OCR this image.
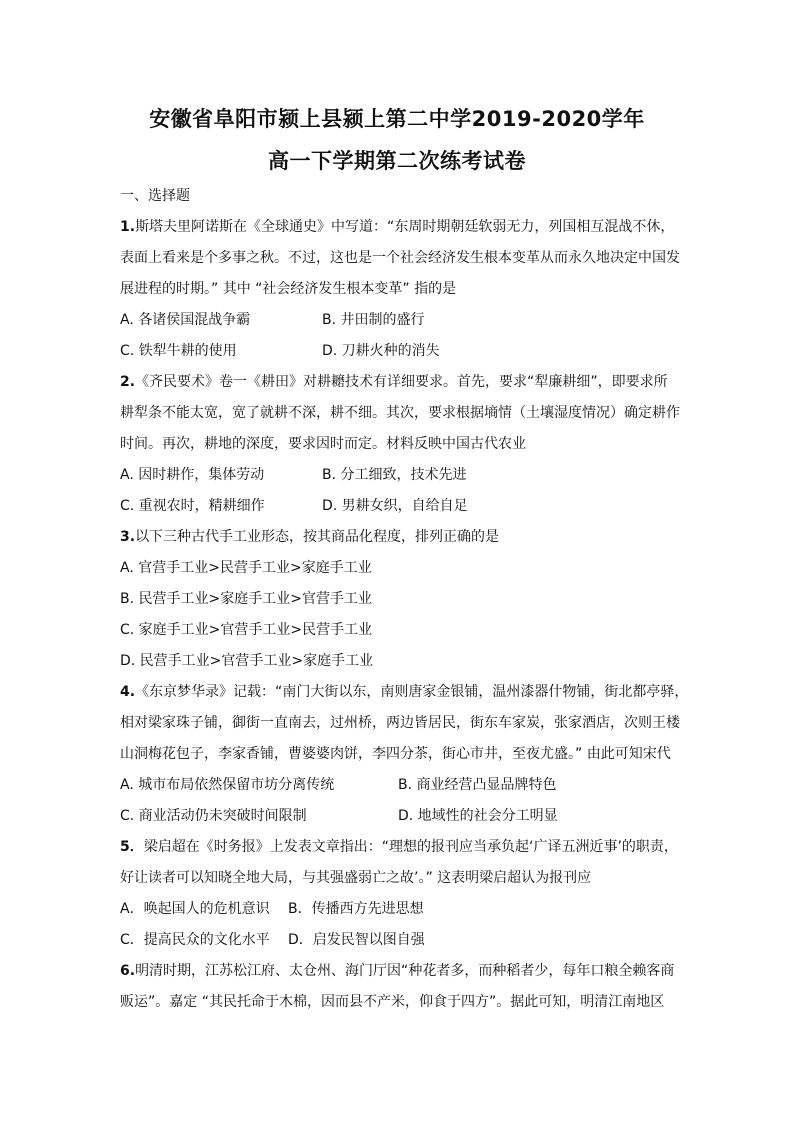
安徽省阜阳市颍上县颍上第二中学2019-2020学年
高一下学期第二次练考试卷
一、选择题
1.斯塔夫里阿诺斯在《全球通史》中写道：“东周时期朝廷软弱无力，列国相互混战不休，
表面上看来是个多事之秋。不过，这也是一个社会经济发生根本变革从而永久地决定中国发
展进程的时期。” 其中 “社会经济发生根本变革” 指的是
A. 各诸侯国混战争霸	B. 井田制的盛行
C. 铁犁牛耕的使用	D. 刀耕火种的消失
2.《齐民要术》卷一《耕田》对耕耱技术有详细要求。首先，要求“犁廉耕细”，即要求所
耕犁条不能太宽，宽了就耕不深，耕不细。其次，要求根据墒情（土壤湿度情况）确定耕作
时间。再次，耕地的深度，要求因时而定。材料反映中国古代农业
A. 因时耕作，集体劳动	B. 分工细致，技术先进
C. 重视农时，精耕细作	D. 男耕女织，自给自足
3.以下三种古代手工业形态，按其商品化程度，排列正确的是
A. 官营手工业>民营手工业>家庭手工业
B. 民营手工业>家庭手工业>官营手工业
C. 家庭手工业>官营手工业>民营手工业
D. 民营手工业>官营手工业>家庭手工业
4.《东京梦华录》记载：“南门大街以东，南则唐家金银铺，温州漆器什物铺，街北都亭驿，
相对梁家珠子铺，御街一直南去，过州桥，两边皆居民，街东车家炭，张家酒店，次则王楼
山洞梅花包子，李家香铺，曹婆婆肉饼，李四分茶，街心市井，至夜尤盛。” 由此可知宋代
A. 城市布局依然保留市坊分离传统	B. 商业经营凸显品牌特色
C. 商业活动仍未突破时间限制	D. 地域性的社会分工明显
5．梁启超在《时务报》上发表文章指出：“理想的报刊应当承负起‘广译五洲近事’的职责，
好让读者可以知晓全地大局，与其强盛弱亡之故’。” 这表明梁启超认为报刊应
A．唤起国人的危机意识 B．传播西方先进思想
C．提高民众的文化水平 D．启发民智以图自强
6.明清时期，江苏松江府、太仓州、海门厅因“种花者多，而种稻者少，每年口粮全赖客商
贩运”。嘉定 “其民托命于木棉，因而县不产米，仰食于四方”。据此可知，明清江南地区
